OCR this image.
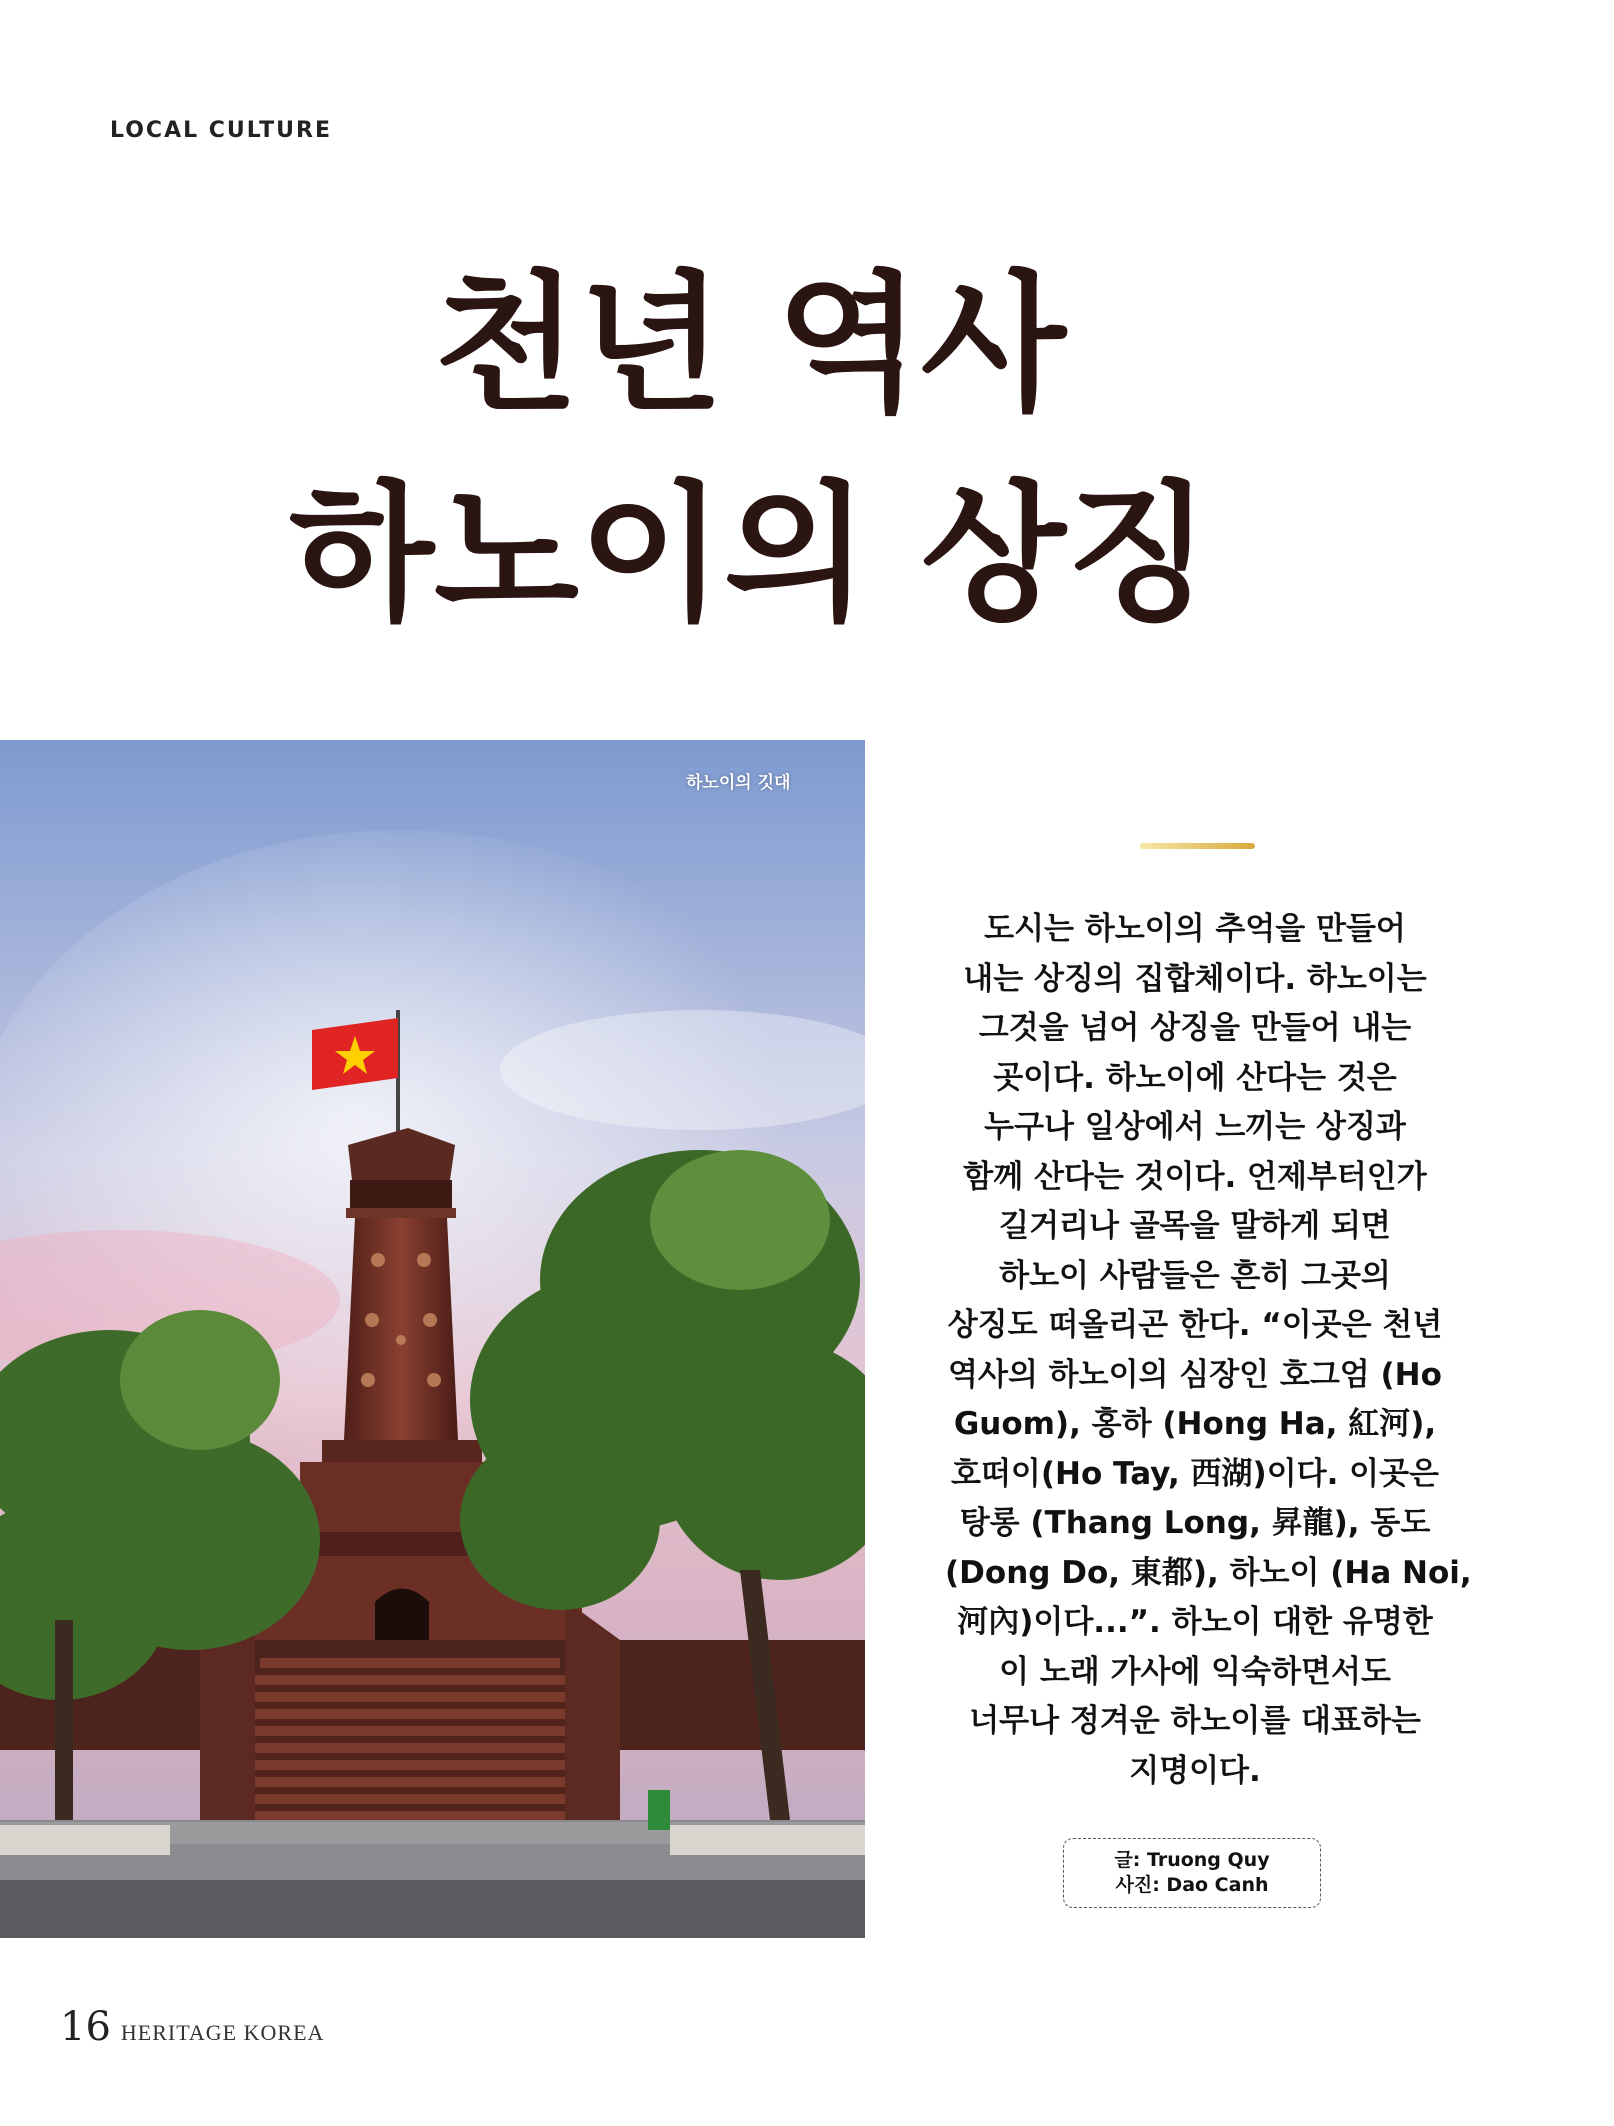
LOCAL CULTURE
천년 역사
하노이의 상징
하노이의 깃대
도시는 하노이의 추억을 만들어
내는 상징의 집합체이다. 하노이는
그것을 넘어 상징을 만들어 내는
곳이다. 하노이에 산다는 것은
누구나 일상에서 느끼는 상징과
함께 산다는 것이다. 언제부터인가
길거리나 골목을 말하게 되면
하노이 사람들은 흔히 그곳의
상징도 떠올리곤 한다. “이곳은 천년
역사의 하노이의 심장인 호그엄 (Ho
Guom), 홍하 (Hong Ha, 紅河),
호떠이(Ho Tay, 西湖)이다. 이곳은
탕롱 (Thang Long, 昇龍), 동도
(Dong Do, 東都), 하노이 (Ha Noi,
河內)이다...”. 하노이 대한 유명한
이 노래 가사에 익숙하면서도
너무나 정겨운 하노이를 대표하는
지명이다.
글: Truong Quy
사진: Dao Canh
16 HERITAGE KOREA
